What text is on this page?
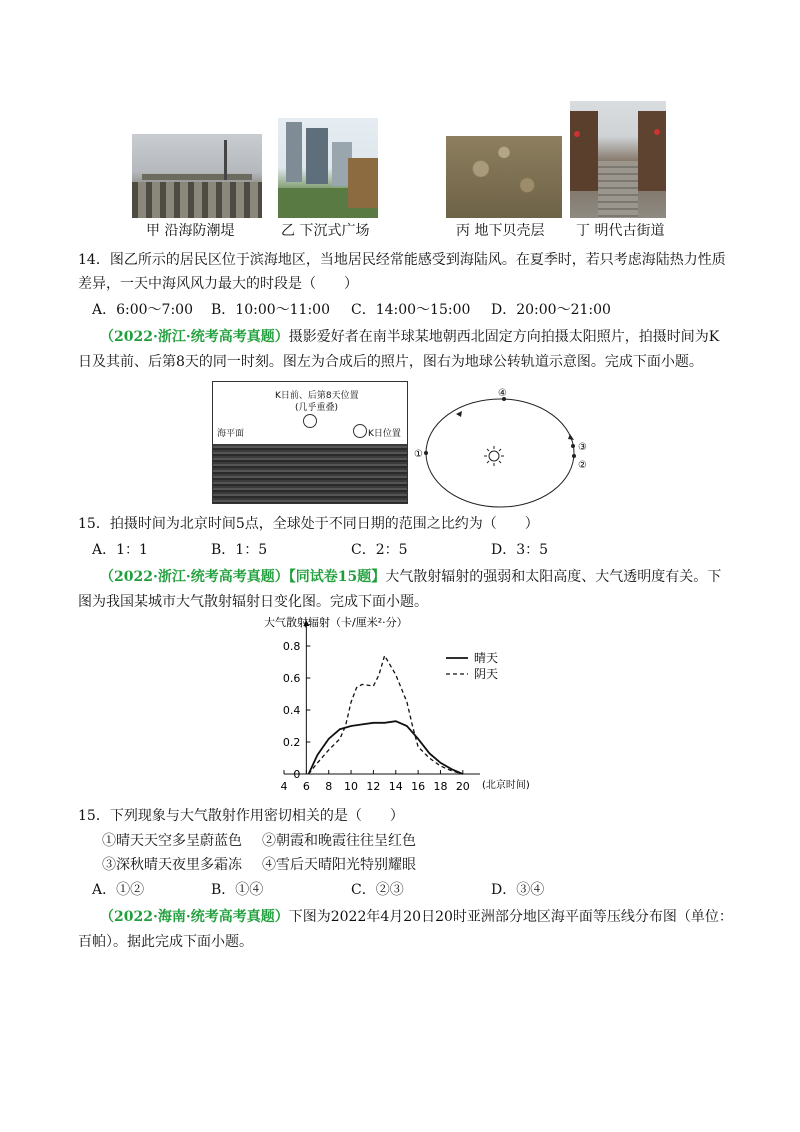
甲 沿海防潮堤	乙 下沉式广场	丙 地下贝壳层 丁 明代古街道
14．图乙所示的居民区位于滨海地区，当地居民经常能感受到海陆风。在夏季时，若只考虑海陆热力性质
差异，一天中海风风力最大的时段是（　　）
A．6:00～7:00 B．10:00～11:00 C．14:00～15:00 D．20:00～21:00
（2022·浙江·统考高考真题）摄影爱好者在南半球某地朝西北固定方向拍摄太阳照片，拍摄时间为K
日及其前、后第8天的同一时刻。图左为合成后的照片，图右为地球公转轨道示意图。完成下面小题。
K日前、后第8天位置
(几乎重叠)
K日位置
海平面
①
②
③
④
15．拍摄时间为北京时间5点，全球处于不同日期的范围之比约为（　　）
A．1：1	B．1：5	C．2：5	D．3：5
（2022·浙江·统考高考真题）【同试卷15题】大气散射辐射的强弱和太阳高度、大气透明度有关。下
图为我国某城市大气散射辐射日变化图。完成下面小题。
0
0.2
0.4
0.6
0.8
4 6 8 10 12 14 16 18 20
大气散射辐射（卡/厘米²·分）
(北京时间)
晴天
阴天
15．下列现象与大气散射作用密切相关的是（　　）
①晴天天空多呈蔚蓝色 ②朝霞和晚霞往往呈红色
③深秋晴天夜里多霜冻 ④雪后天晴阳光特别耀眼
A．①②	B．①④	C．②③	D．③④
（2022·海南·统考高考真题）下图为2022年4月20日20时亚洲部分地区海平面等压线分布图（单位：
百帕）。据此完成下面小题。
